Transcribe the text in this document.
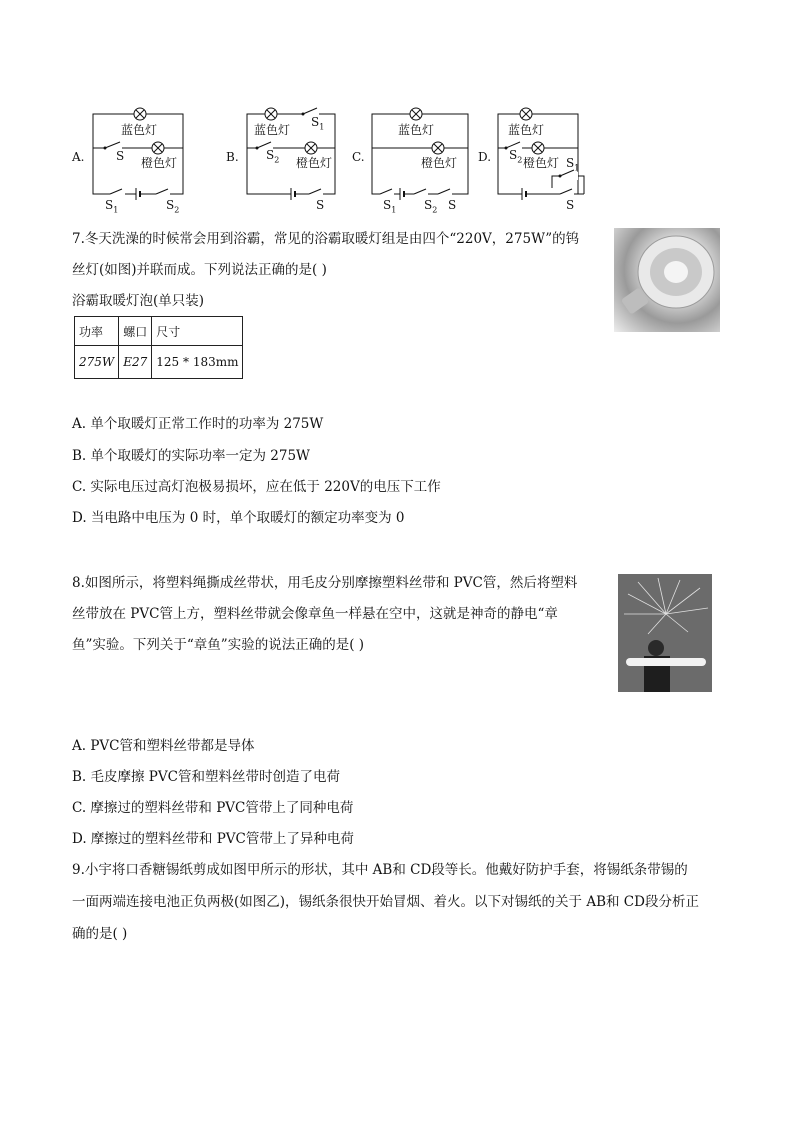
A.
蓝色灯
橙色灯
S
$S_1$	$S_2$
B.
蓝色灯
橙色灯
$S_1$
$S_2$
S
C.
蓝色灯
橙色灯
$S_1$ $S_2$ S
D.
蓝色灯
橙色灯
$S_2$	$S_1$
S
7.冬天洗澡的时候常会用到浴霸，常见的浴霸取暖灯组是由四个“220V，275W”的钨
丝灯(如图)并联而成。下列说法正确的是( )
浴霸取暖灯泡(单只装)
功率	螺口	尺寸
275W	E27	125 * 183mm
A. 单个取暖灯正常工作时的功率为 275W
B. 单个取暖灯的实际功率一定为 275W
C. 实际电压过高灯泡极易损坏，应在低于 220V的电压下工作
D. 当电路中电压为 0 时，单个取暖灯的额定功率变为 0
8.如图所示，将塑料绳撕成丝带状，用毛皮分别摩擦塑料丝带和 PVC管，然后将塑料
丝带放在 PVC管上方，塑料丝带就会像章鱼一样悬在空中，这就是神奇的静电“章
鱼”实验。下列关于“章鱼”实验的说法正确的是( )
A. PVC管和塑料丝带都是导体
B. 毛皮摩擦 PVC管和塑料丝带时创造了电荷
C. 摩擦过的塑料丝带和 PVC管带上了同种电荷
D. 摩擦过的塑料丝带和 PVC管带上了异种电荷
9.小宇将口香糖锡纸剪成如图甲所示的形状，其中 AB和 CD段等长。他戴好防护手套，将锡纸条带锡的
一面两端连接电池正负两极(如图乙)，锡纸条很快开始冒烟、着火。以下对锡纸的关于 AB和 CD段分析正
确的是( )
